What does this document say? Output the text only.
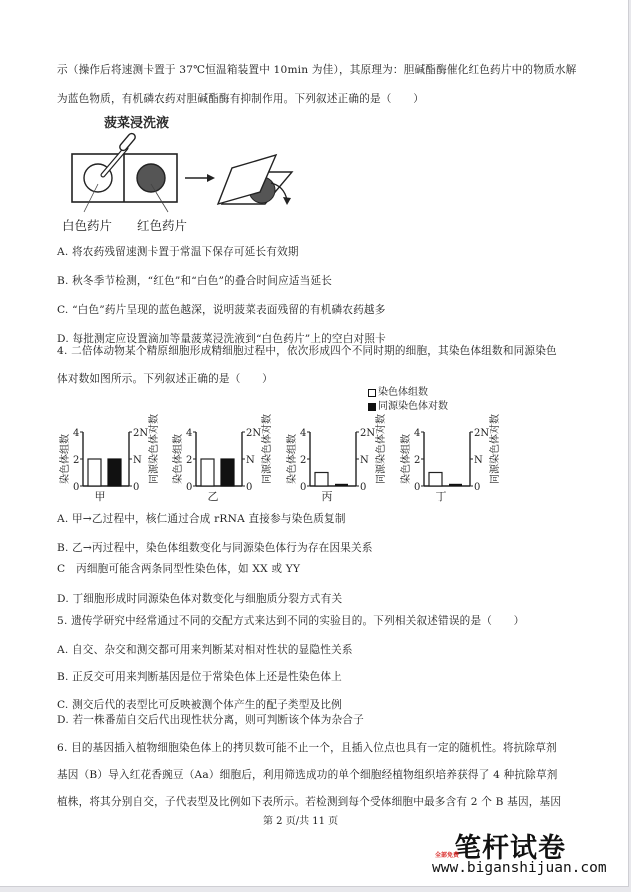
示（操作后将速测卡置于 37℃恒温箱装置中 10min 为佳），其原理为：胆碱酯酶催化红色药片中的物质水解
为蓝色物质，有机磷农药对胆碱酯酶有抑制作用。下列叙述正确的是（　　）
菠菜浸洗液
白色药片 红色药片
A. 将农药残留速测卡置于常温下保存可延长有效期
B. 秋冬季节检测，“红色”和“白色”的叠合时间应适当延长
C. “白色”药片呈现的蓝色越深，说明菠菜表面残留的有机磷农药越多
D. 每批测定应设置滴加等量菠菜浸洗液到“白色药片”上的空白对照卡
4. 二倍体动物某个精原细胞形成精细胞过程中，依次形成四个不同时期的细胞，其染色体组数和同源染色
体对数如图所示。下列叙述正确的是（　　）
染色体组数
同源染色体对数
染色体组数
0
2
4
0
N
2N 同源染色体对数
甲
染色体组数
0
2
4
0
N
2N 同源染色体对数
乙
染色体组数
0
2
4
0
N
2N 同源染色体对数
丙
染色体组数
0
2
4
0
N
2N 同源染色体对数
丁
A. 甲→乙过程中，核仁通过合成 rRNA 直接参与染色质复制
B. 乙→丙过程中，染色体组数变化与同源染色体行为存在因果关系
C　丙细胞可能含两条同型性染色体，如 XX 或 YY
D. 丁细胞形成时同源染色体对数变化与细胞质分裂方式有关
5. 遗传学研究中经常通过不同的交配方式来达到不同的实验目的。下列相关叙述错误的是（　　）
A. 自交、杂交和测交都可用来判断某对相对性状的显隐性关系
B. 正反交可用来判断基因是位于常染色体上还是性染色体上
C. 测交后代的表型比可反映被测个体产生的配子类型及比例
D. 若一株番茄自交后代出现性状分离，则可判断该个体为杂合子
6. 目的基因插入植物细胞染色体上的拷贝数可能不止一个，且插入位点也具有一定的随机性。将抗除草剂
基因（B）导入红花香豌豆（Aa）细胞后，利用筛选成功的单个细胞经植物组织培养获得了 4 种抗除草剂
植株，将其分别自交，子代表型及比例如下表所示。若检测到每个受体细胞中最多含有 2 个 B 基因，基因
第 2 页/共 11 页
笔杆试卷
全部免费
www.biganshijuan.com
